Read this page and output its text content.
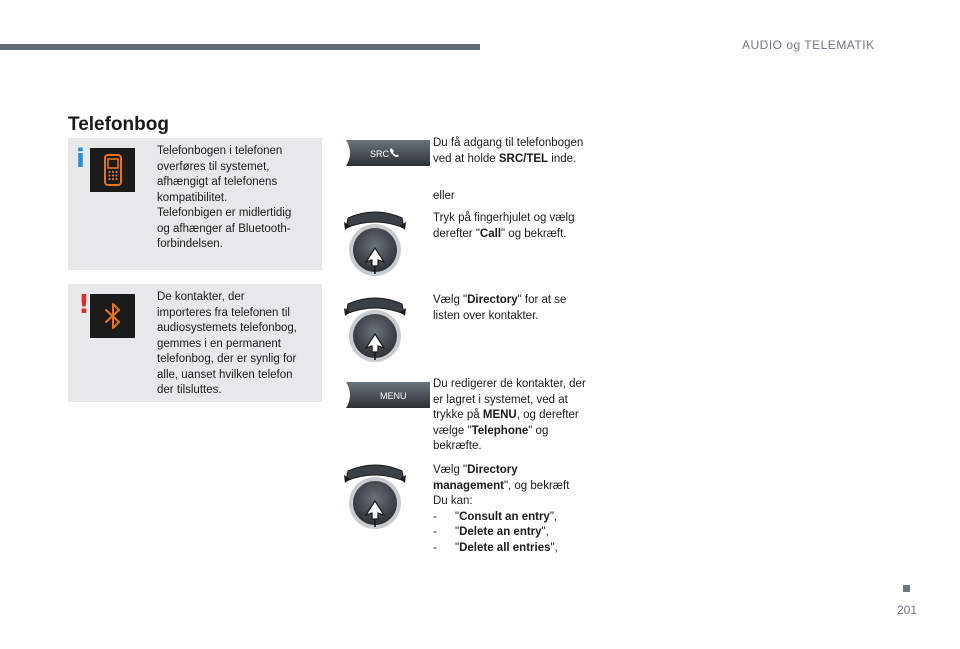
AUDIO og TELEMATIK
Telefonbog
i	Telefonbogen i telefonen
overføres til systemet,
afhængigt af telefonens
kompatibilitet.
Telefonbigen er midlertidig
og afhænger af Bluetooth-
forbindelsen.
!	De kontakter, der
importeres fra telefonen til
audiosystemets telefonbog,
gemmes i en permanent
telefonbog, der er synlig for
alle, uanset hvilken telefon
der tilsluttes.
SRC
MENU
Du få adgang til telefonbogen
ved at holde SRC/TEL inde.
eller
Tryk på fingerhjulet og vælg
derefter "Call" og bekræft.
Vælg "Directory" for at se
listen over kontakter.
Du redigerer de kontakter, der
er lagret i systemet, ved at
trykke på MENU, og derefter
vælge "Telephone" og
bekræfte.
Vælg "Directory
management", og bekræft
Du kan:
-	"Consult an entry",
-	"Delete an entry",
-	"Delete all entries",
201
